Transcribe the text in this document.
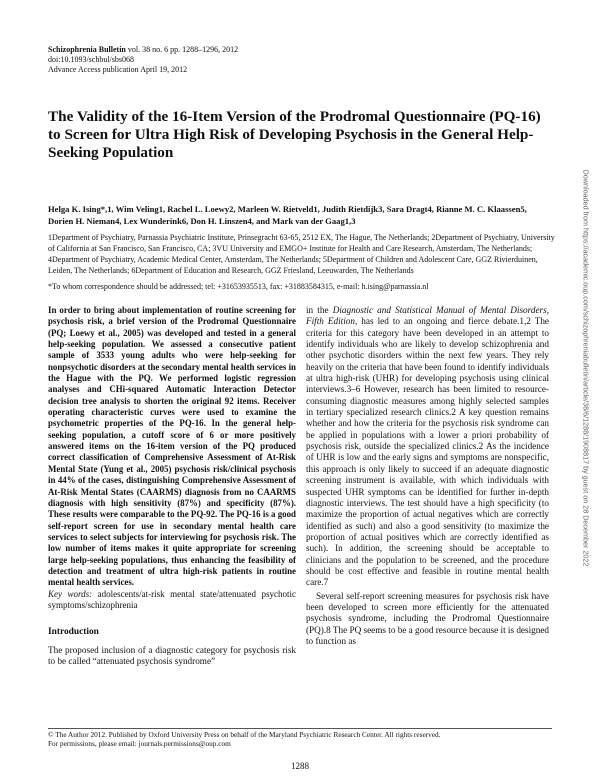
Schizophrenia Bulletin vol. 38 no. 6 pp. 1288–1296, 2012
doi:10.1093/schbul/sbs068
Advance Access publication April 19, 2012
The Validity of the 16-Item Version of the Prodromal Questionnaire (PQ-16) to Screen for Ultra High Risk of Developing Psychosis in the General Help-Seeking Population
Helga K. Ising*,1, Wim Veling1, Rachel L. Loewy2, Marleen W. Rietveld1, Judith Rietdijk3, Sara Dragt4, Rianne M. C. Klaassen5, Dorien H. Nieman4, Lex Wunderink6, Don H. Linszen4, and Mark van der Gaag1,3
1Department of Psychiatry, Parnassia Psychiatric Institute, Prinsegracht 63-65, 2512 EX, The Hague, The Netherlands; 2Department of Psychiatry, University of California at San Francisco, San Francisco, CA; 3VU University and EMGO+ Institute for Health and Care Research, Amsterdam, The Netherlands; 4Department of Psychiatry, Academic Medical Center, Amsterdam, The Netherlands; 5Department of Children and Adolescent Care, GGZ Rivierduinen, Leiden, The Netherlands; 6Department of Education and Research, GGZ Friesland, Leeuwarden, The Netherlands
*To whom correspondence should be addressed; tel: +31653935513, fax: +31883584315, e-mail: h.ising@parnassia.nl

In order to bring about implementation of routine screening for psychosis risk, a brief version of the Prodromal Questionnaire (PQ; Loewy et al., 2005) was developed and tested in a general help-seeking population. We assessed a consecutive patient sample of 3533 young adults who were help-seeking for nonpsychotic disorders at the secondary mental health services in the Hague with the PQ. We performed logistic regression analyses and CHi-squared Automatic Interaction Detector decision tree analysis to shorten the original 92 items. Receiver operating characteristic curves were used to examine the psychometric properties of the PQ-16. In the general help-seeking population, a cutoff score of 6 or more positively answered items on the 16-item version of the PQ produced correct classification of Comprehensive Assessment of At-Risk Mental State (Yung et al., 2005) psychosis risk/clinical psychosis in 44% of the cases, distinguishing Comprehensive Assessment of At-Risk Mental States (CAARMS) diagnosis from no CAARMS diagnosis with high sensitivity (87%) and specificity (87%). These results were comparable to the PQ-92. The PQ-16 is a good self-report screen for use in secondary mental health care services to select subjects for interviewing for psychosis risk. The low number of items makes it quite appropriate for screening large help-seeking populations, thus enhancing the feasibility of detection and treatment of ultra high-risk patients in routine mental health services.

Key words: adolescents/at-risk mental state/attenuated psychotic symptoms/schizophrenia

Introduction

The proposed inclusion of a diagnostic category for psychosis risk to be called “attenuated psychosis syndrome”

in the Diagnostic and Statistical Manual of Mental Disorders, Fifth Edition, has led to an ongoing and fierce debate.1,2 The criteria for this category have been developed in an attempt to identify individuals who are likely to develop schizophrenia and other psychotic disorders within the next few years. They rely heavily on the criteria that have been found to identify individuals at ultra high-risk (UHR) for developing psychosis using clinical interviews.3–6 However, research has been limited to resource-consuming diagnostic measures among highly selected samples in tertiary specialized research clinics.2 A key question remains whether and how the criteria for the psychosis risk syndrome can be applied in populations with a lower a priori probability of psychosis risk, outside the specialized clinics.2 As the incidence of UHR is low and the early signs and symptoms are nonspecific, this approach is only likely to succeed if an adequate diagnostic screening instrument is available, with which individuals with suspected UHR symptoms can be identified for further in-depth diagnostic interviews. The test should have a high specificity (to maximize the proportion of actual negatives which are correctly identified as such) and also a good sensitivity (to maximize the proportion of actual positives which are correctly identified as such). In addition, the screening should be acceptable to clinicians and the population to be screened, and the procedure should be cost effective and feasible in routine mental health care.7

Several self-report screening measures for psychosis risk have been developed to screen more efficiently for the attenuated psychosis syndrome, including the Prodromal Questionnaire (PQ).8 The PQ seems to be a good resource because it is designed to function as

© The Author 2012. Published by Oxford University Press on behalf of the Maryland Psychiatric Research Center. All rights reserved.
For permissions, please email: journals.permissions@oup.com
1288
Downloaded from https://academic.oup.com/schizophreniabulletin/article/38/6/1288/1908817 by guest on 28 December 2022
